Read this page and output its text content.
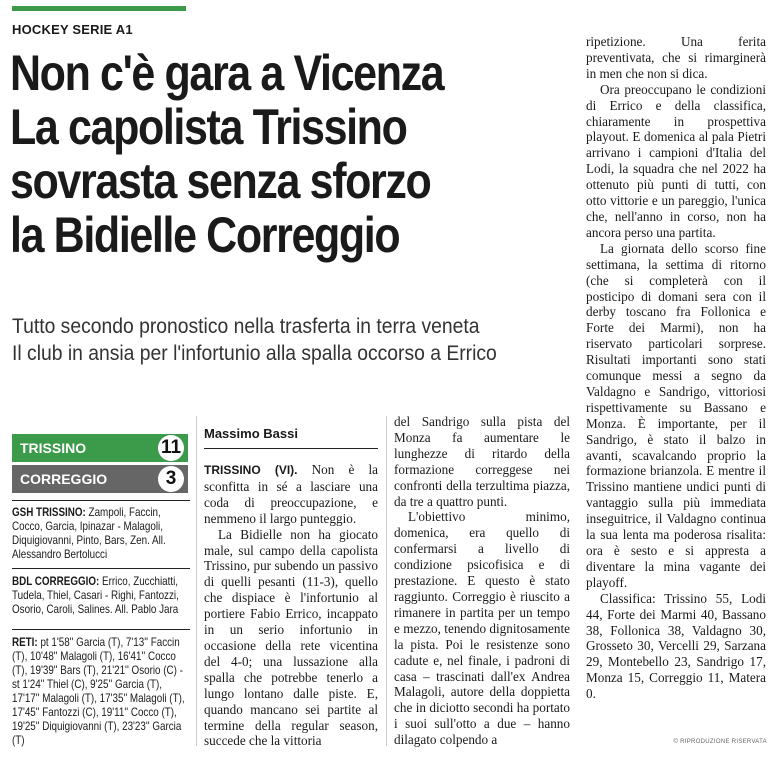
HOCKEY SERIE A1
Non c'è gara a Vicenza
La capolista Trissino
sovrasta senza sforzo
la Bidielle Correggio
Tutto secondo pronostico nella trasferta in terra veneta
Il club in ansia per l'infortunio alla spalla occorso a Errico
TRISSINO	11
CORREGGIO	3
GSH TRISSINO: Zampoli, Faccin, Cocco, Garcia, Ipinazar - Malagoli, Diquigiovanni, Pinto, Bars, Zen. All. Alessandro Bertolucci
BDL CORREGGIO: Errico, Zucchiatti, Tudela, Thiel, Casari - Righi, Fantozzi, Osorio, Caroli, Salines. All. Pablo Jara
RETI: pt 1'58'' Garcia (T), 7'13'' Faccin (T), 10'48'' Malagoli (T), 16'41'' Cocco (T), 19'39'' Bars (T), 21'21'' Osorio (C) - st 1'24'' Thiel (C), 9'25'' Garcia (T), 17'17'' Malagoli (T), 17'35'' Malagoli (T), 17'45'' Fantozzi (C), 19'11'' Cocco (T), 19'25'' Diquigiovanni (T), 23'23'' Garcia (T)
Massimo Bassi

TRISSINO (VI). Non è la sconfitta in sé a lasciare una coda di preoccupazione, e nemmeno il largo punteggio.

La Bidielle non ha giocato male, sul campo della capolista Trissino, pur subendo un passivo di quelli pesanti (11-3), quello che dispiace è l'infortunio al portiere Fabio Errico, incappato in un serio infortunio in occasione della rete vicentina del 4-0; una lussazione alla spalla che potrebbe tenerlo a lungo lontano dalle piste. E, quando mancano sei partite al termine della regular season, succede che la vittoria

del Sandrigo sulla pista del Monza fa aumentare le lunghezze di ritardo della formazione correggese nei confronti della terzultima piazza, da tre a quattro punti.

L'obiettivo minimo, domenica, era quello di confermarsi a livello di condizione psicofisica e di prestazione. E questo è stato raggiunto. Correggio è riuscito a rimanere in partita per un tempo e mezzo, tenendo dignitosamente la pista. Poi le resistenze sono cadute e, nel finale, i padroni di casa – trascinati dall'ex Andrea Malagoli, autore della doppietta che in diciotto secondi ha portato i suoi sull'otto a due – hanno dilagato colpendo a

ripetizione. Una ferita preventivata, che si rimarginerà in men che non si dica.

Ora preoccupano le condizioni di Errico e della classifica, chiaramente in prospettiva playout. E domenica al pala Pietri arrivano i campioni d'Italia del Lodi, la squadra che nel 2022 ha ottenuto più punti di tutti, con otto vittorie e un pareggio, l'unica che, nell'anno in corso, non ha ancora perso una partita.

La giornata dello scorso fine settimana, la settima di ritorno (che si completerà con il posticipo di domani sera con il derby toscano fra Follonica e Forte dei Marmi), non ha riservato particolari sorprese. Risultati importanti sono stati comunque messi a segno da Valdagno e Sandrigo, vittoriosi rispettivamente su Bassano e Monza. È importante, per il Sandrigo, è stato il balzo in avanti, scavalcando proprio la formazione brianzola. E mentre il Trissino mantiene undici punti di vantaggio sulla più immediata inseguitrice, il Valdagno continua la sua lenta ma poderosa risalita: ora è sesto e si appresta a diventare la mina vagante dei playoff.

Classifica: Trissino 55, Lodi 44, Forte dei Marmi 40, Bassano 38, Follonica 38, Valdagno 30, Grosseto 30, Vercelli 29, Sarzana 29, Montebello 23, Sandrigo 17, Monza 15, Correggio 11, Matera 0.

© RIPRODUZIONE RISERVATA
